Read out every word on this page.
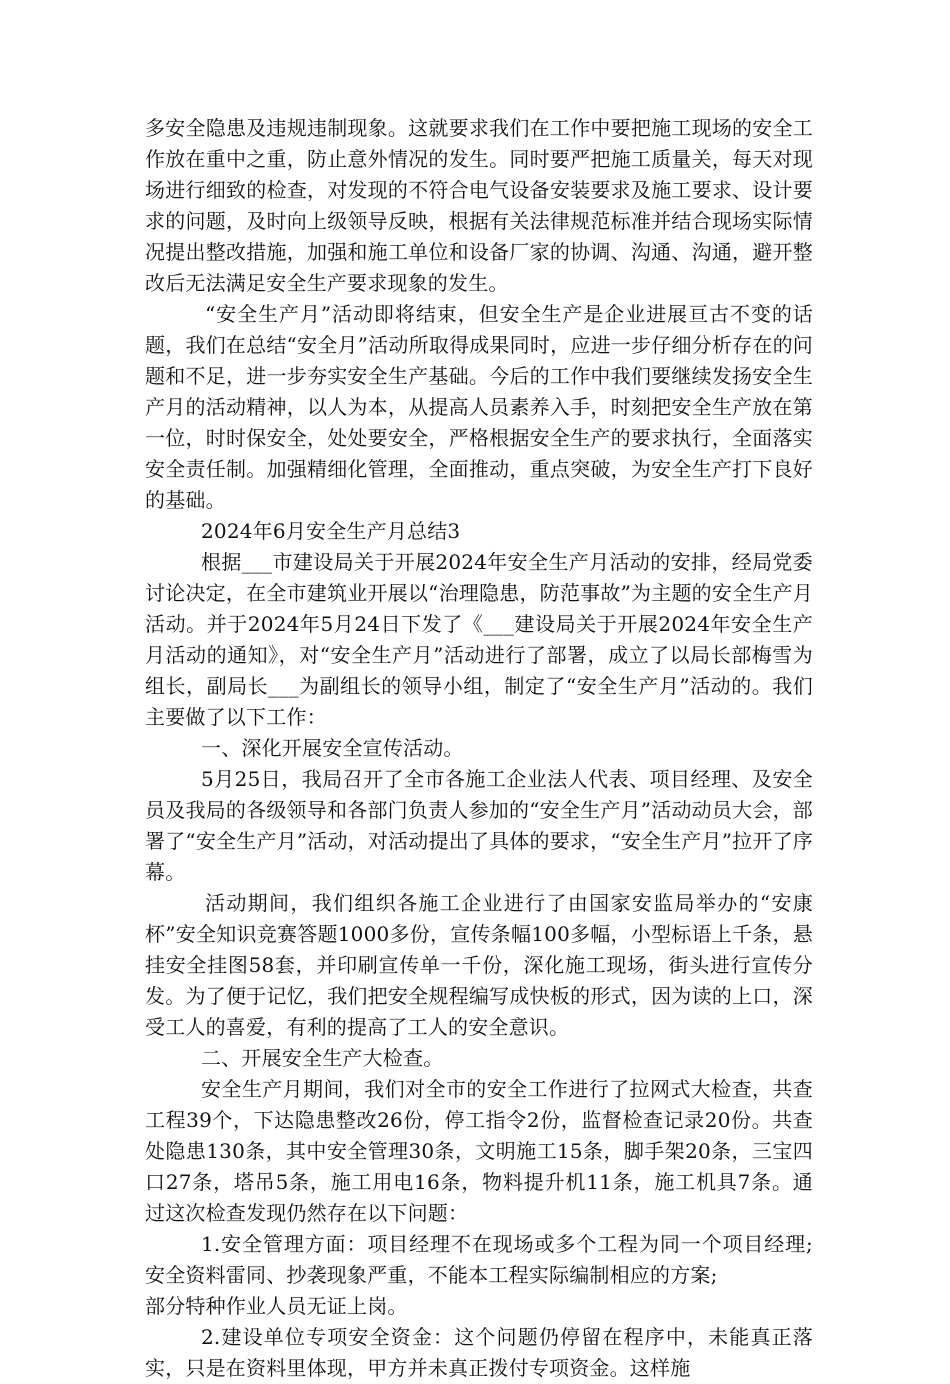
多安全隐患及违规违制现象。这就要求我们在工作中要把施工现场的安全工作放在重中之重，防止意外情况的发生。同时要严把施工质量关，每天对现场进行细致的检查，对发现的不符合电气设备安装要求及施工要求、设计要求的问题，及时向上级领导反映，根据有关法律规范标准并结合现场实际情况提出整改措施，加强和施工单位和设备厂家的协调、沟通、沟通，避开整改后无法满足安全生产要求现象的发生。

“安全生产月”活动即将结束，但安全生产是企业进展亘古不变的话题，我们在总结“安全月”活动所取得成果同时，应进一步仔细分析存在的问题和不足，进一步夯实安全生产基础。今后的工作中我们要继续发扬安全生产月的活动精神，以人为本，从提高人员素养入手，时刻把安全生产放在第一位，时时保安全，处处要安全，严格根据安全生产的要求执行，全面落实安全责任制。加强精细化管理，全面推动，重点突破，为安全生产打下良好的基础。

2024年6月安全生产月总结3

根据___市建设局关于开展2024年安全生产月活动的安排，经局党委讨论决定，在全市建筑业开展以“治理隐患，防范事故”为主题的安全生产月活动。并于2024年5月24日下发了《___建设局关于开展2024年安全生产月活动的通知》，对“安全生产月”活动进行了部署，成立了以局长部梅雪为组长，副局长___为副组长的领导小组，制定了“安全生产月”活动的。我们主要做了以下工作：

一、深化开展安全宣传活动。

5月25日，我局召开了全市各施工企业法人代表、项目经理、及安全员及我局的各级领导和各部门负责人参加的“安全生产月”活动动员大会，部署了“安全生产月”活动，对活动提出了具体的要求，“安全生产月”拉开了序幕。

活动期间，我们组织各施工企业进行了由国家安监局举办的“安康杯”安全知识竞赛答题1000多份，宣传条幅100多幅，小型标语上千条，悬挂安全挂图58套，并印刷宣传单一千份，深化施工现场，街头进行宣传分发。为了便于记忆，我们把安全规程编写成快板的形式，因为读的上口，深受工人的喜爱，有利的提高了工人的安全意识。

二、开展安全生产大检查。

安全生产月期间，我们对全市的安全工作进行了拉网式大检查，共查工程39个，下达隐患整改26份，停工指令2份，监督检查记录20份。共查处隐患130条，其中安全管理30条，文明施工15条，脚手架20条，三宝四口27条，塔吊5条，施工用电16条，物料提升机11条，施工机具7条。通过这次检查发现仍然存在以下问题：

1.安全管理方面：项目经理不在现场或多个工程为同一个项目经理;安全资料雷同、抄袭现象严重，不能本工程实际编制相应的方案;

部分特种作业人员无证上岗。

2.建设单位专项安全资金：这个问题仍停留在程序中，未能真正落实，只是在资料里体现，甲方并未真正拨付专项资金。这样施
